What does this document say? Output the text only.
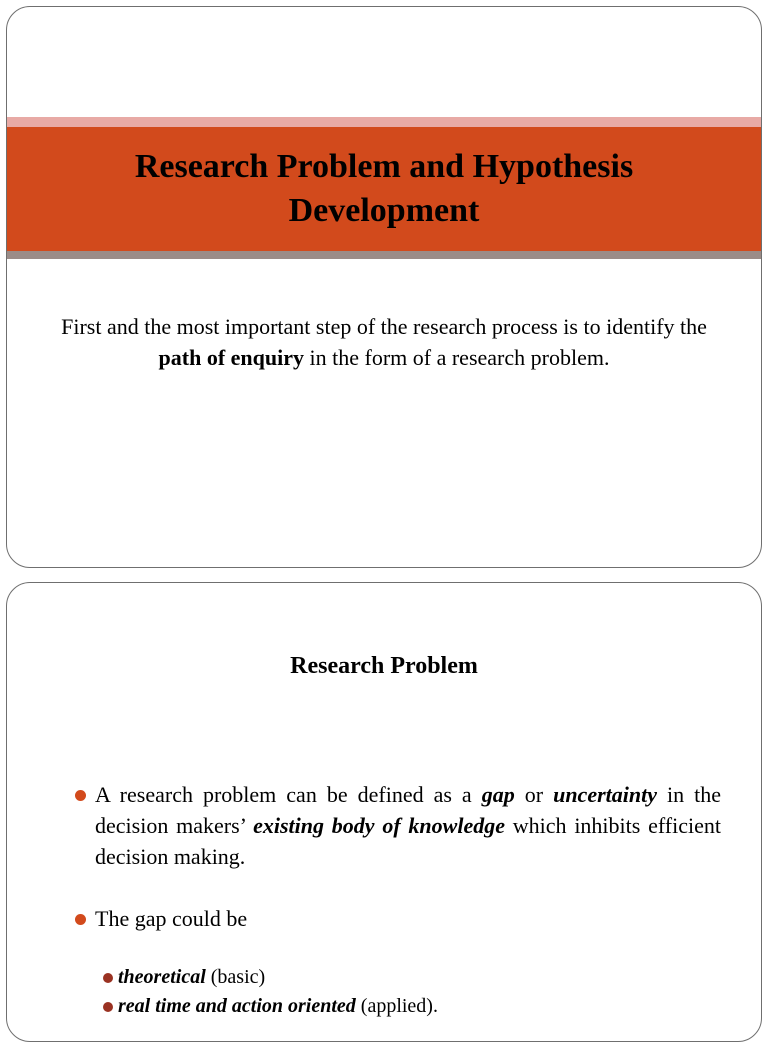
Research Problem and Hypothesis
Development

First and the most important step of the research process is to identify the path of enquiry in the form of a research problem.

Research Problem
A research problem can be defined as a gap or uncertainty in the decision makers’ existing body of knowledge which inhibits efficient decision making.
The gap could be
theoretical (basic)
real time and action oriented (applied).
